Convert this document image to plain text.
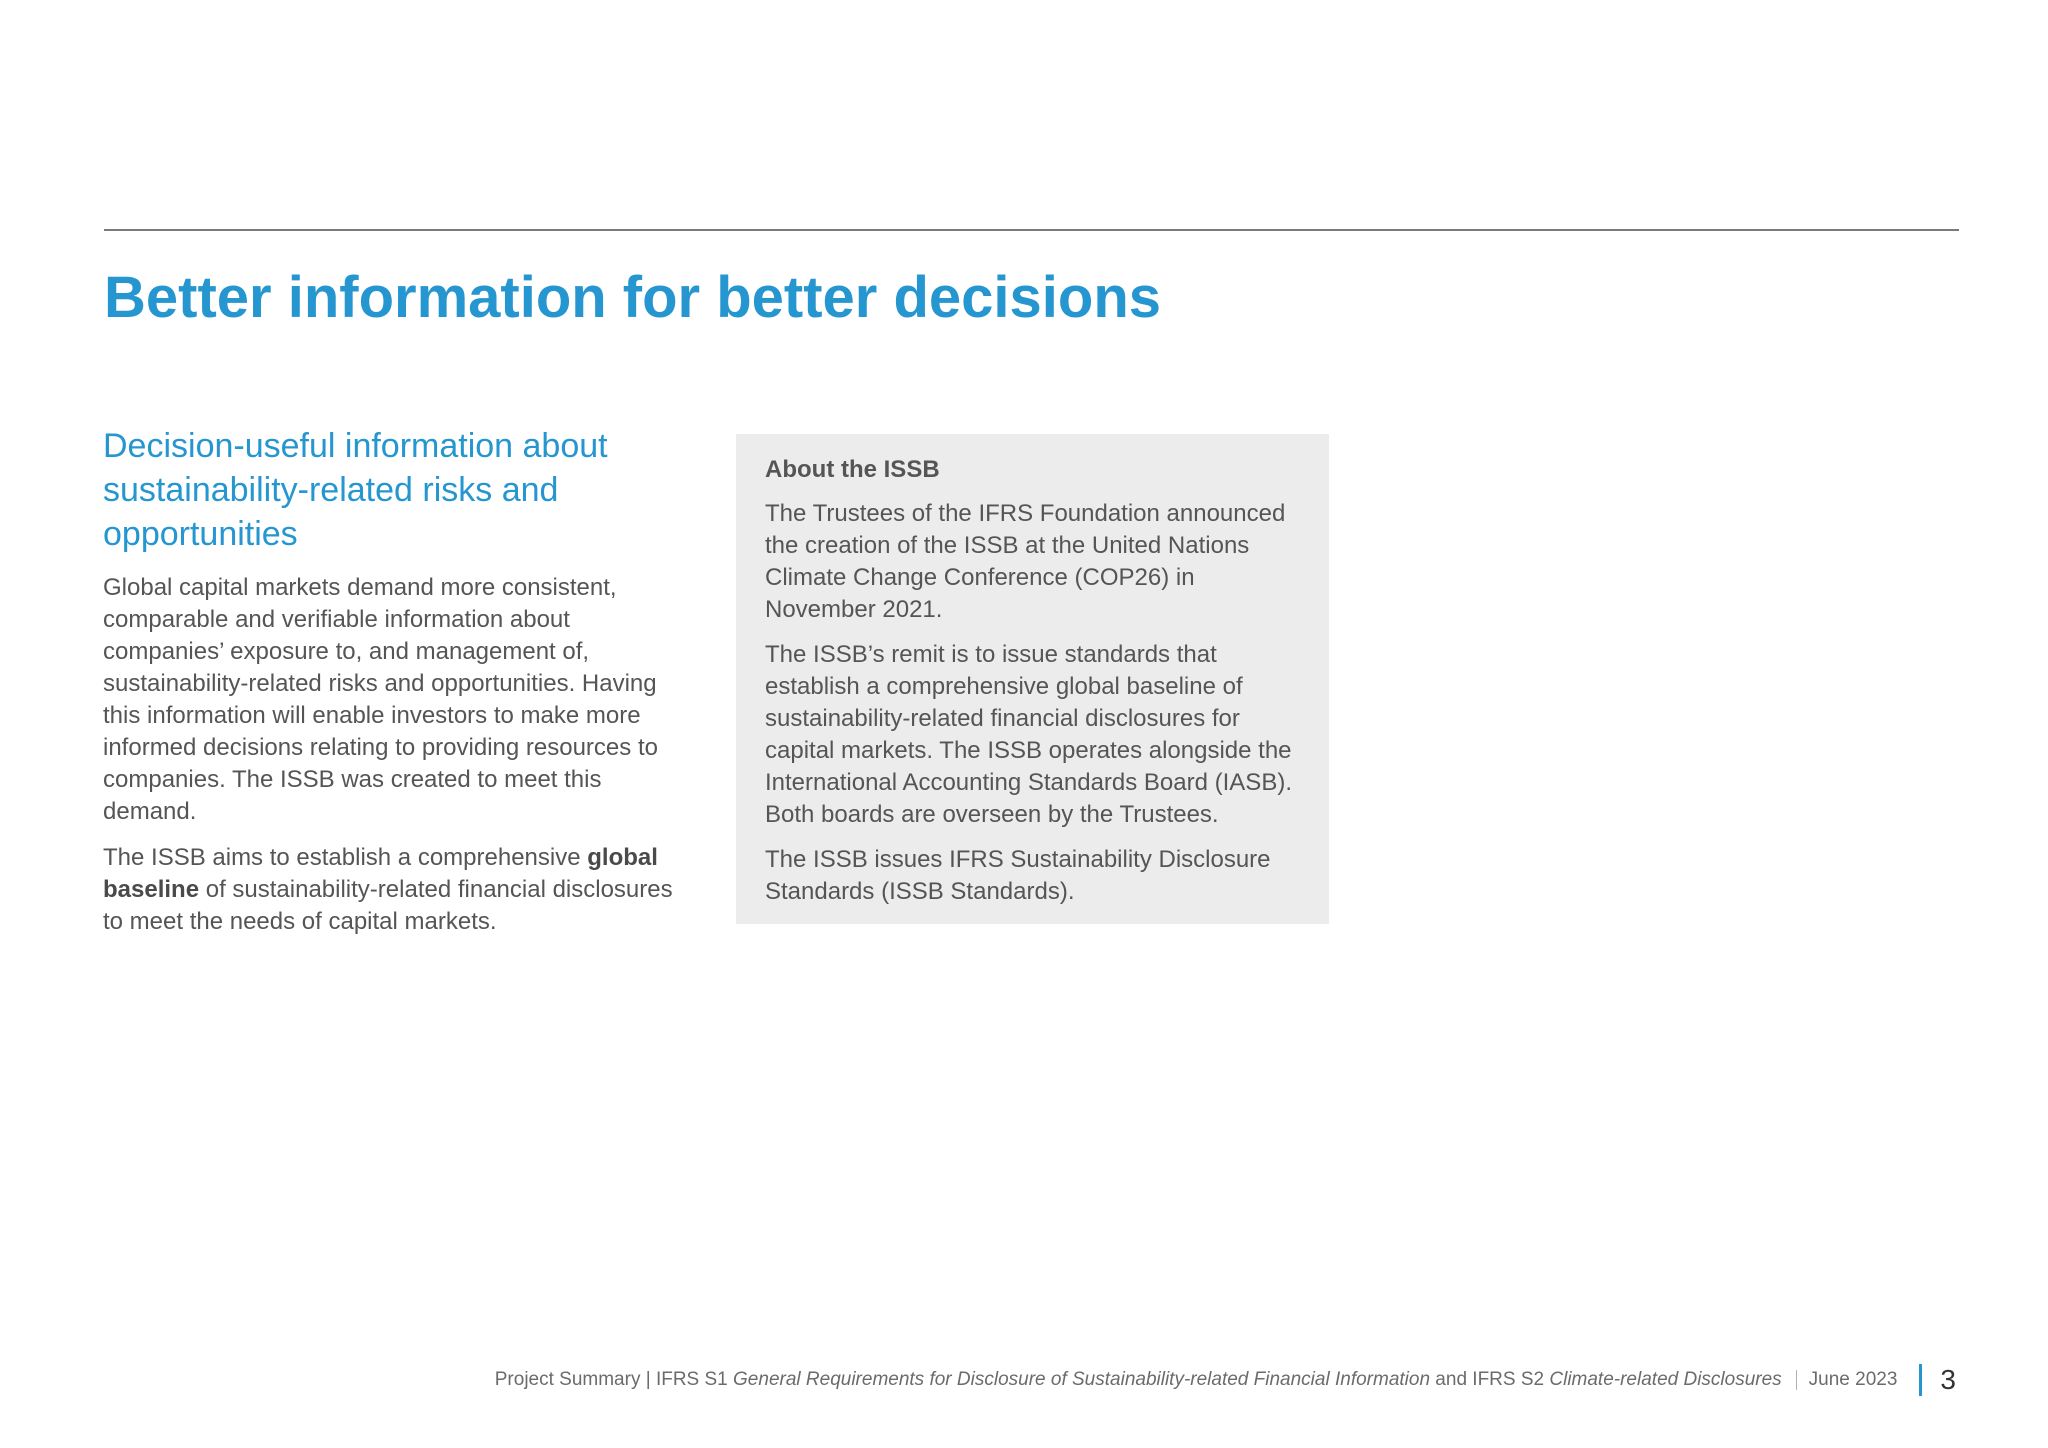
Better information for better decisions
Decision-useful information about sustainability-related risks and opportunities

Global capital markets demand more consistent, comparable and verifiable information about companies’ exposure to, and management of, sustainability-related risks and opportunities. Having this information will enable investors to make more informed decisions relating to providing resources to companies. The ISSB was created to meet this demand.

The ISSB aims to establish a comprehensive global baseline of sustainability-related financial disclosures to meet the needs of capital markets.

About the ISSB

The Trustees of the IFRS Foundation announced the creation of the ISSB at the United Nations Climate Change Conference (COP26) in November 2021.

The ISSB’s remit is to issue standards that establish a comprehensive global baseline of sustainability-related financial disclosures for capital markets. The ISSB operates alongside the International Accounting Standards Board (IASB). Both boards are overseen by the Trustees.

The ISSB issues IFRS Sustainability Disclosure Standards (ISSB Standards).

Project Summary | IFRS S1 General Requirements for Disclosure of Sustainability-related Financial Information and IFRS S2 Climate-related Disclosures June 2023 3
